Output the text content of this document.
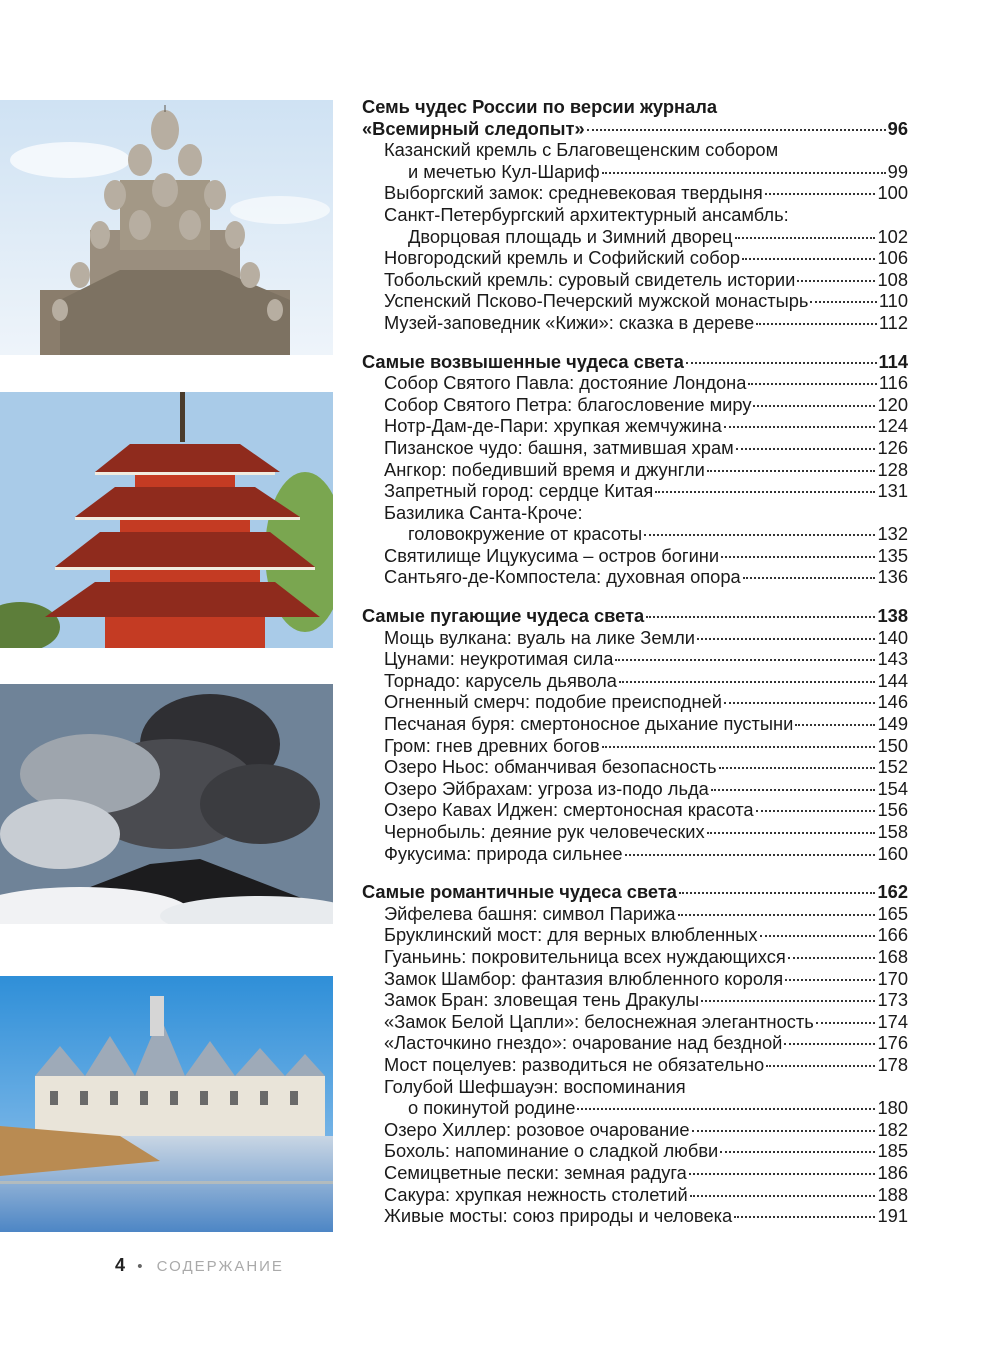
Семь чудес России по версии журнала
«Всемирный следопыт»	96
Казанский кремль с Благовещенским собором
и мечетью Кул-Шариф	99
Выборгский замок: средневековая твердыня	100
Санкт-Петербургский архитектурный ансамбль:
Дворцовая площадь и Зимний дворец	102
Новгородский кремль и Софийский собор	106
Тобольский кремль: суровый свидетель истории	108
Успенский Псково-Печерский мужской монастырь	110
Музей-заповедник «Кижи»: сказка в дереве	112
Самые возвышенные чудеса света	114
Собор Святого Павла: достояние Лондона	116
Собор Святого Петра: благословение миру	120
Нотр-Дам-де-Пари: хрупкая жемчужина	124
Пизанское чудо: башня, затмившая храм	126
Ангкор: победивший время и джунгли	128
Запретный город: сердце Китая	131
Базилика Санта-Кроче:
головокружение от красоты	132
Святилище Ицукусима – остров богини	135
Сантьяго-де-Компостела: духовная опора	136
Самые пугающие чудеса света	138
Мощь вулкана: вуаль на лике Земли	140
Цунами: неукротимая сила	143
Торнадо: карусель дьявола	144
Огненный смерч: подобие преисподней	146
Песчаная буря: смертоносное дыхание пустыни	149
Гром: гнев древних богов	150
Озеро Ньос: обманчивая безопасность	152
Озеро Эйбрахам: угроза из-подо льда	154
Озеро Кавах Иджен: смертоносная красота	156
Чернобыль: деяние рук человеческих	158
Фукусима: природа сильнее	160
Самые романтичные чудеса света	162
Эйфелева башня: символ Парижа	165
Бруклинский мост: для верных влюбленных	166
Гуаньинь: покровительница всех нуждающихся	168
Замок Шамбор: фантазия влюбленного короля	170
Замок Бран: зловещая тень Дракулы	173
«Замок Белой Цапли»: белоснежная элегантность	174
«Ласточкино гнездо»: очарование над бездной	176
Мост поцелуев: разводиться не обязательно	178
Голубой Шефшауэн: воспоминания
о покинутой родине	180
Озеро Хиллер: розовое очарование	182
Бохоль: напоминание о сладкой любви	185
Семицветные пески: земная радуга	186
Сакура: хрупкая нежность столетий	188
Живые мосты: союз природы и человека	191
4 • СОДЕРЖАНИЕ
